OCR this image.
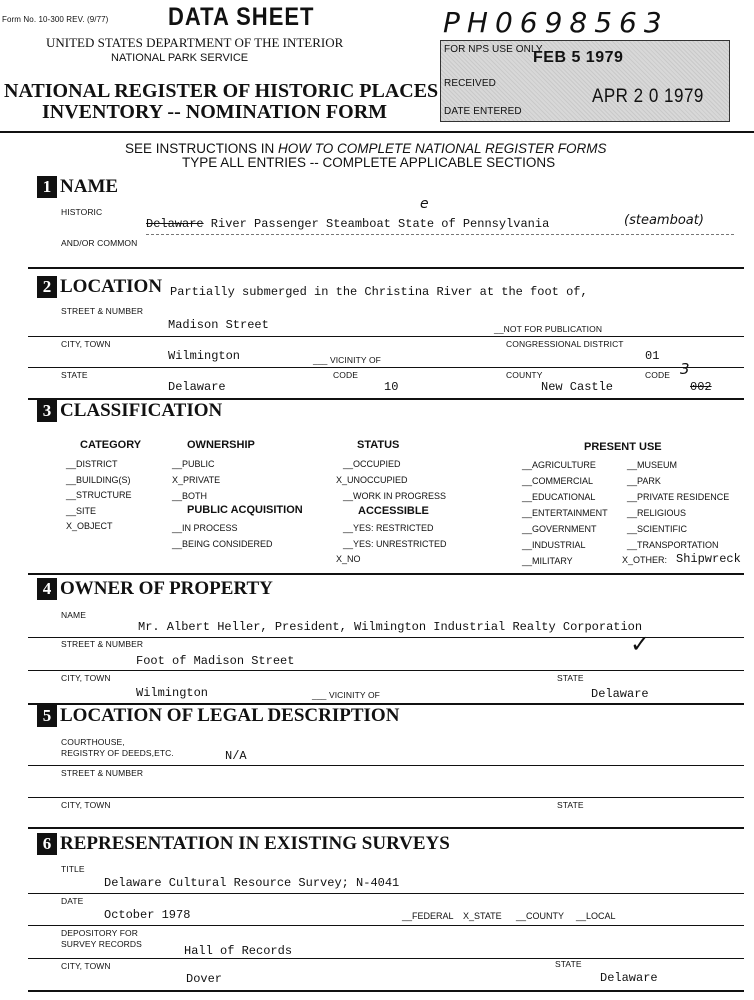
Form No. 10-300 REV. (9/77)	DATA SHEET
UNITED STATES DEPARTMENT OF THE INTERIOR
NATIONAL PARK SERVICE
NATIONAL REGISTER OF HISTORIC PLACES
INVENTORY -- NOMINATION FORM
PH0698563
FOR NPS USE ONLY
FEB 5 1979
RECEIVED
APR 2 0 1979
DATE ENTERED
SEE INSTRUCTIONS IN HOW TO COMPLETE NATIONAL REGISTER FORMS
TYPE ALL ENTRIES -- COMPLETE APPLICABLE SECTIONS
1 NAME
HISTORIC	e
Delaware River Passenger Steamboat State of Pennsylvania	(steamboat)
AND/OR COMMON
2 LOCATION Partially submerged in the Christina River at the foot of,
STREET & NUMBER
Madison Street	__NOT FOR PUBLICATION
CITY, TOWN	CONGRESSIONAL DISTRICT
Wilmington	___ VICINITY OF	01
STATE	CODE	COUNTY	CODE 3
Delaware	10	New Castle	002
3 CLASSIFICATION
CATEGORY
__DISTRICT
__BUILDING(S)
__STRUCTURE
__SITE
X_OBJECT
OWNERSHIP
__PUBLIC
X_PRIVATE
__BOTH
PUBLIC ACQUISITION
__IN PROCESS
__BEING CONSIDERED
STATUS
__OCCUPIED
X_UNOCCUPIED
__WORK IN PROGRESS
ACCESSIBLE
__YES: RESTRICTED
__YES: UNRESTRICTED
X_NO
PRESENT USE
__AGRICULTURE
__COMMERCIAL
__EDUCATIONAL
__ENTERTAINMENT
__GOVERNMENT
__INDUSTRIAL
__MILITARY
__MUSEUM
__PARK
__PRIVATE RESIDENCE
__RELIGIOUS
__SCIENTIFIC
__TRANSPORTATION
X_OTHER: Shipwreck
4 OWNER OF PROPERTY
NAME
Mr. Albert Heller, President, Wilmington Industrial Realty Corporation
STREET & NUMBER	✓
Foot of Madison Street
CITY, TOWN	STATE
Wilmington	___ VICINITY OF	Delaware
5 LOCATION OF LEGAL DESCRIPTION
COURTHOUSE,
REGISTRY OF DEEDS,ETC.	N/A
STREET & NUMBER
CITY, TOWN	STATE
6 REPRESENTATION IN EXISTING SURVEYS
TITLE
Delaware Cultural Resource Survey; N-4041
DATE
October 1978	__FEDERAL X_STATE __COUNTY __LOCAL
DEPOSITORY FOR
SURVEY RECORDS	Hall of Records
CITY, TOWN	STATE
Dover	Delaware
